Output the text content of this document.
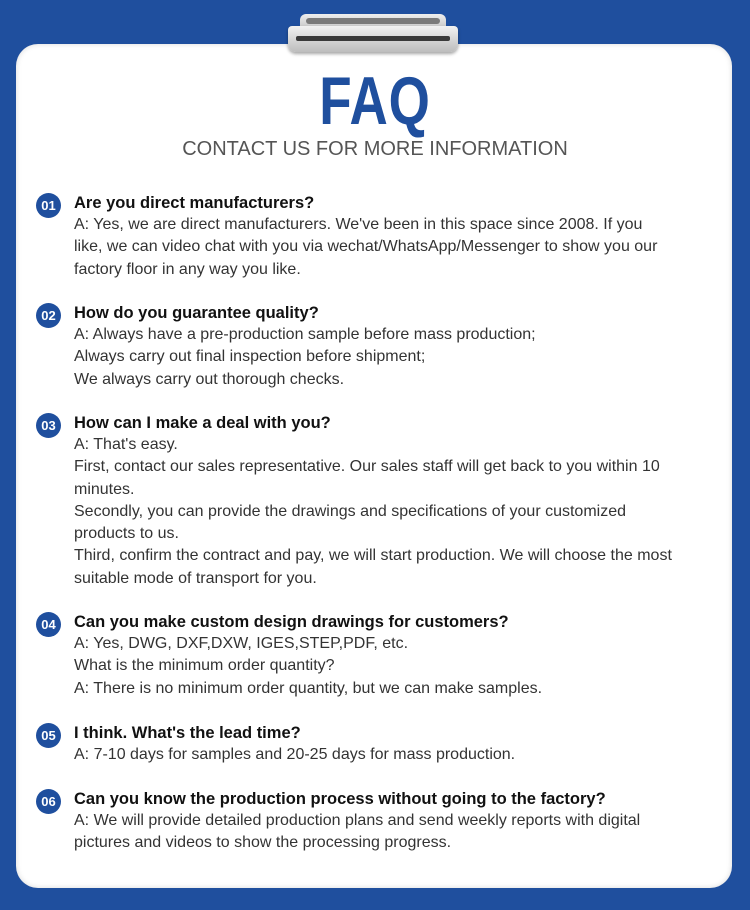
FAQ
CONTACT US FOR MORE INFORMATION
01	Are you direct manufacturers?
A: Yes, we are direct manufacturers. We've been in this space since 2008. If you
like, we can video chat with you via wechat/WhatsApp/Messenger to show you our
factory floor in any way you like.
02	How do you guarantee quality?
A: Always have a pre-production sample before mass production;
Always carry out final inspection before shipment;
We always carry out thorough checks.
03	How can I make a deal with you?
A: That's easy.
First, contact our sales representative. Our sales staff will get back to you within 10
minutes.
Secondly, you can provide the drawings and specifications of your customized
products to us.
Third, confirm the contract and pay, we will start production. We will choose the most
suitable mode of transport for you.
04	Can you make custom design drawings for customers?
A: Yes, DWG, DXF,DXW, IGES,STEP,PDF, etc.
What is the minimum order quantity?
A: There is no minimum order quantity, but we can make samples.
05	I think. What's the lead time?
A: 7-10 days for samples and 20-25 days for mass production.
06	Can you know the production process without going to the factory?
A: We will provide detailed production plans and send weekly reports with digital
pictures and videos to show the processing progress.
